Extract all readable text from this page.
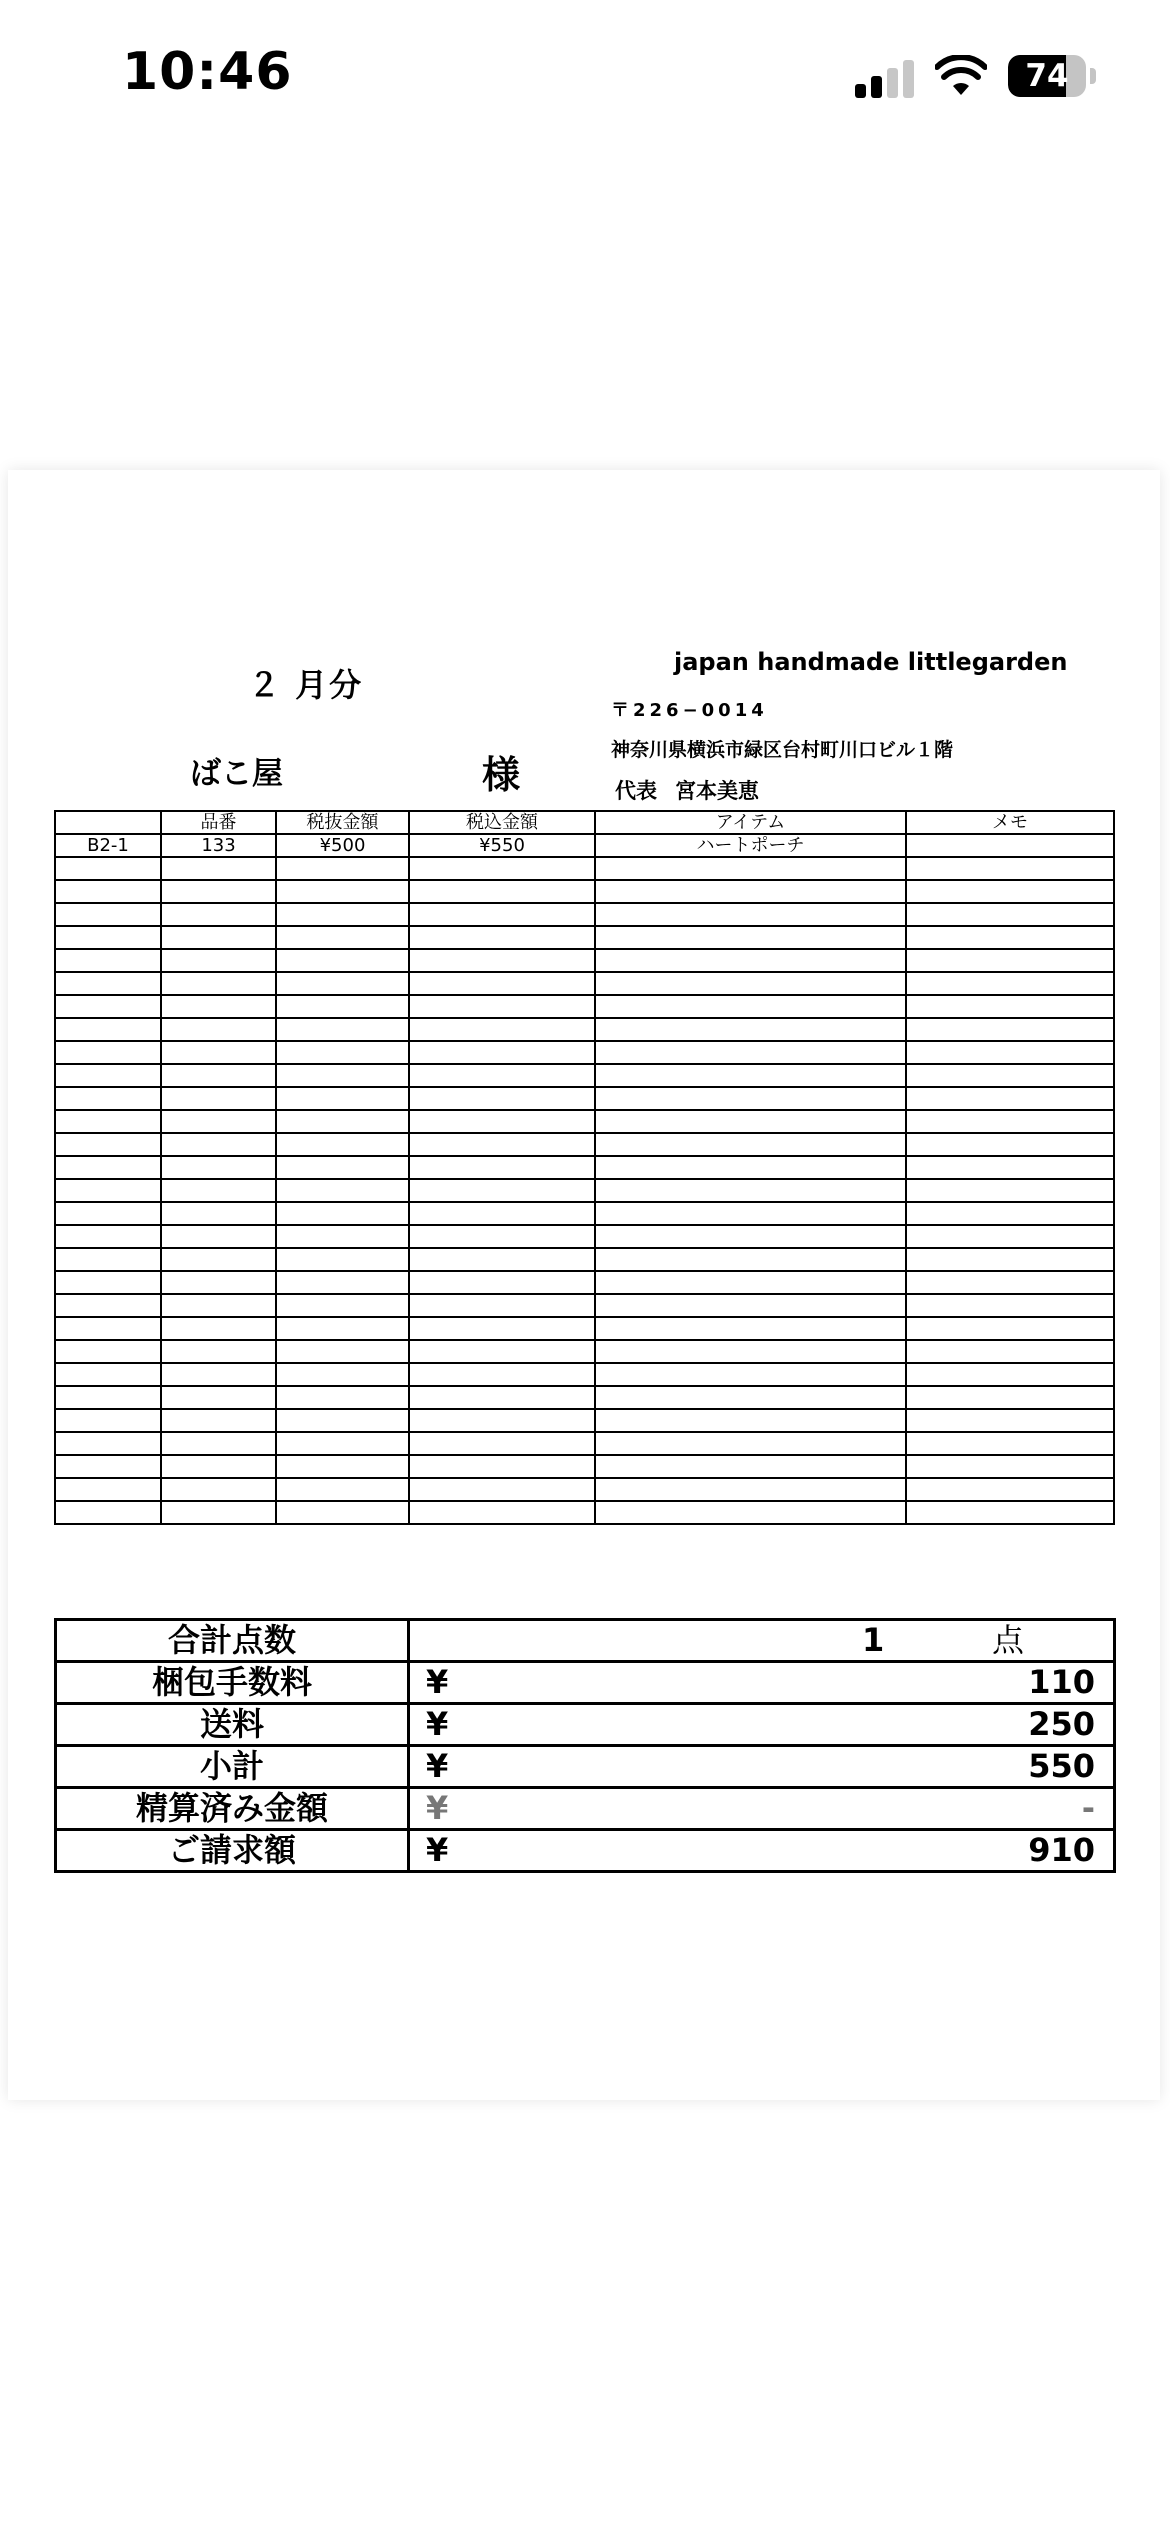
10:46	74
２ 月分
ばこ屋	様
japan handmade littlegarden
〒226−0014
神奈川県横浜市緑区台村町川口ビル１階
代表 宮本美恵
	品番	税抜金額	税込金額	アイテム	メモ
B2-1	133	¥500	¥550	ハートポーチ	

合計点数	1 点

梱包手数料	¥ 110

送料	¥ 250

小計	¥ 550

精算済み金額	¥ -

ご請求額	¥ 910
